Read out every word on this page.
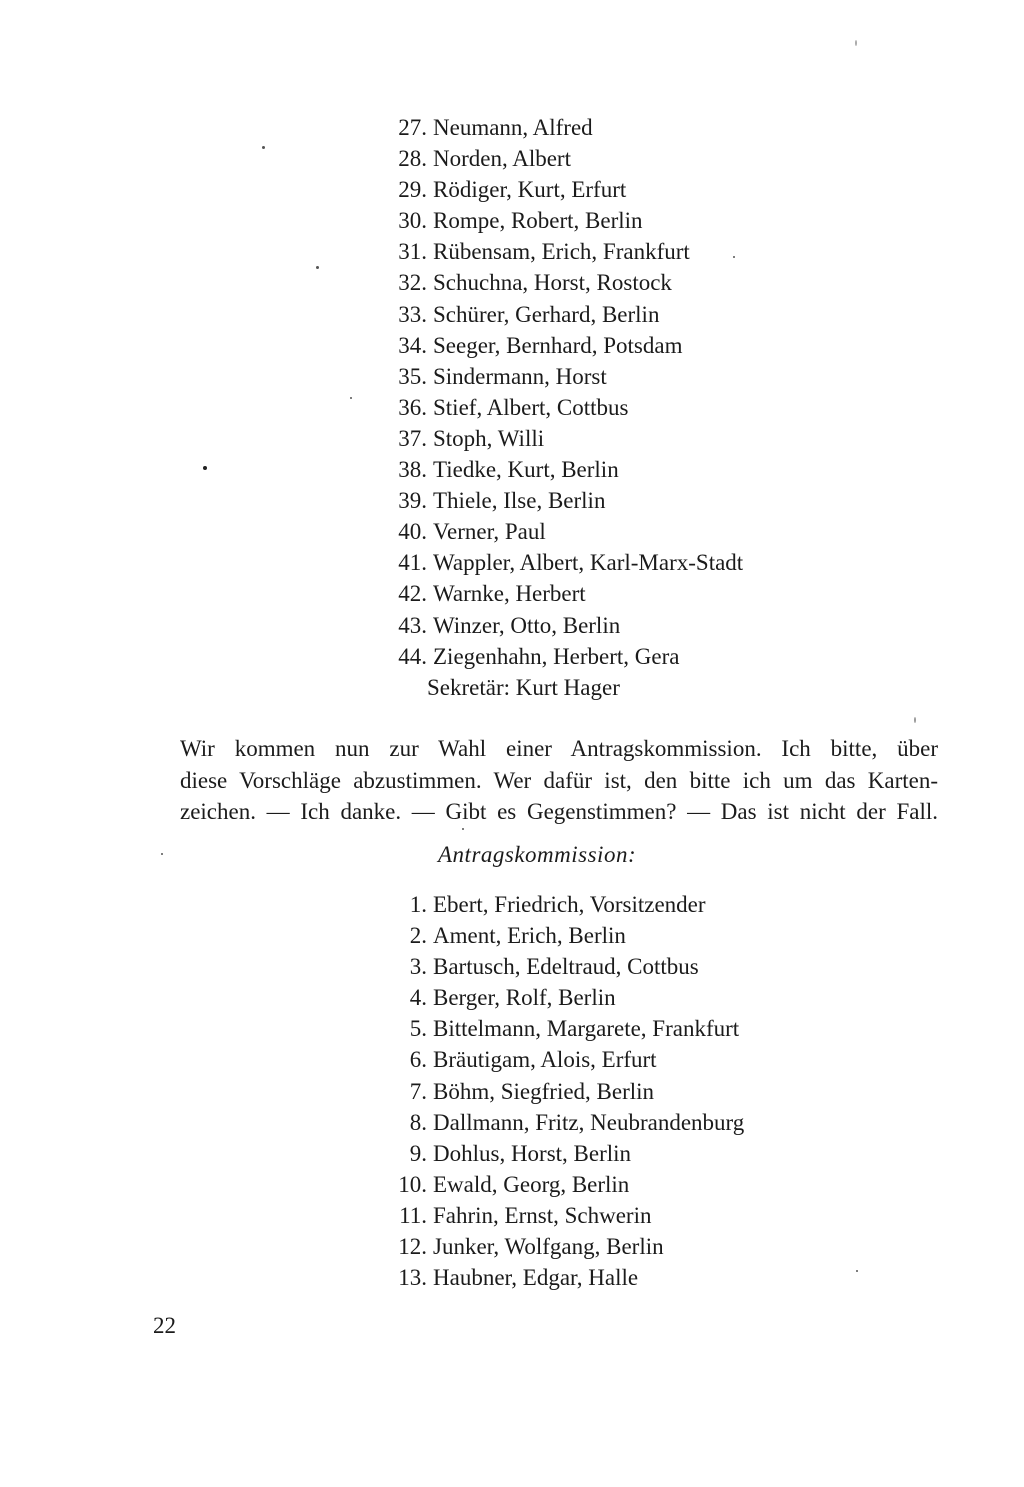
27. Neumann, Alfred
28. Norden, Albert
29. Rödiger, Kurt, Erfurt
30. Rompe, Robert, Berlin
31. Rübensam, Erich, Frankfurt
32. Schuchna, Horst, Rostock
33. Schürer, Gerhard, Berlin
34. Seeger, Bernhard, Potsdam
35. Sindermann, Horst
36. Stief, Albert, Cottbus
37. Stoph, Willi
38. Tiedke, Kurt, Berlin
39. Thiele, Ilse, Berlin
40. Verner, Paul
41. Wappler, Albert, Karl-Marx-Stadt
42. Warnke, Herbert
43. Winzer, Otto, Berlin
44. Ziegenhahn, Herbert, Gera
Sekretär: Kurt Hager
Wir kommen nun zur Wahl einer Antragskommission. Ich bitte, über
diese Vorschläge abzustimmen. Wer dafür ist, den bitte ich um das Karten-
zeichen. — Ich danke. — Gibt es Gegenstimmen? — Das ist nicht der Fall.
Antragskommission:
1. Ebert, Friedrich, Vorsitzender
2. Ament, Erich, Berlin
3. Bartusch, Edeltraud, Cottbus
4. Berger, Rolf, Berlin
5. Bittelmann, Margarete, Frankfurt
6. Bräutigam, Alois, Erfurt
7. Böhm, Siegfried, Berlin
8. Dallmann, Fritz, Neubrandenburg
9. Dohlus, Horst, Berlin
10. Ewald, Georg, Berlin
11. Fahrin, Ernst, Schwerin
12. Junker, Wolfgang, Berlin
13. Haubner, Edgar, Halle
22
